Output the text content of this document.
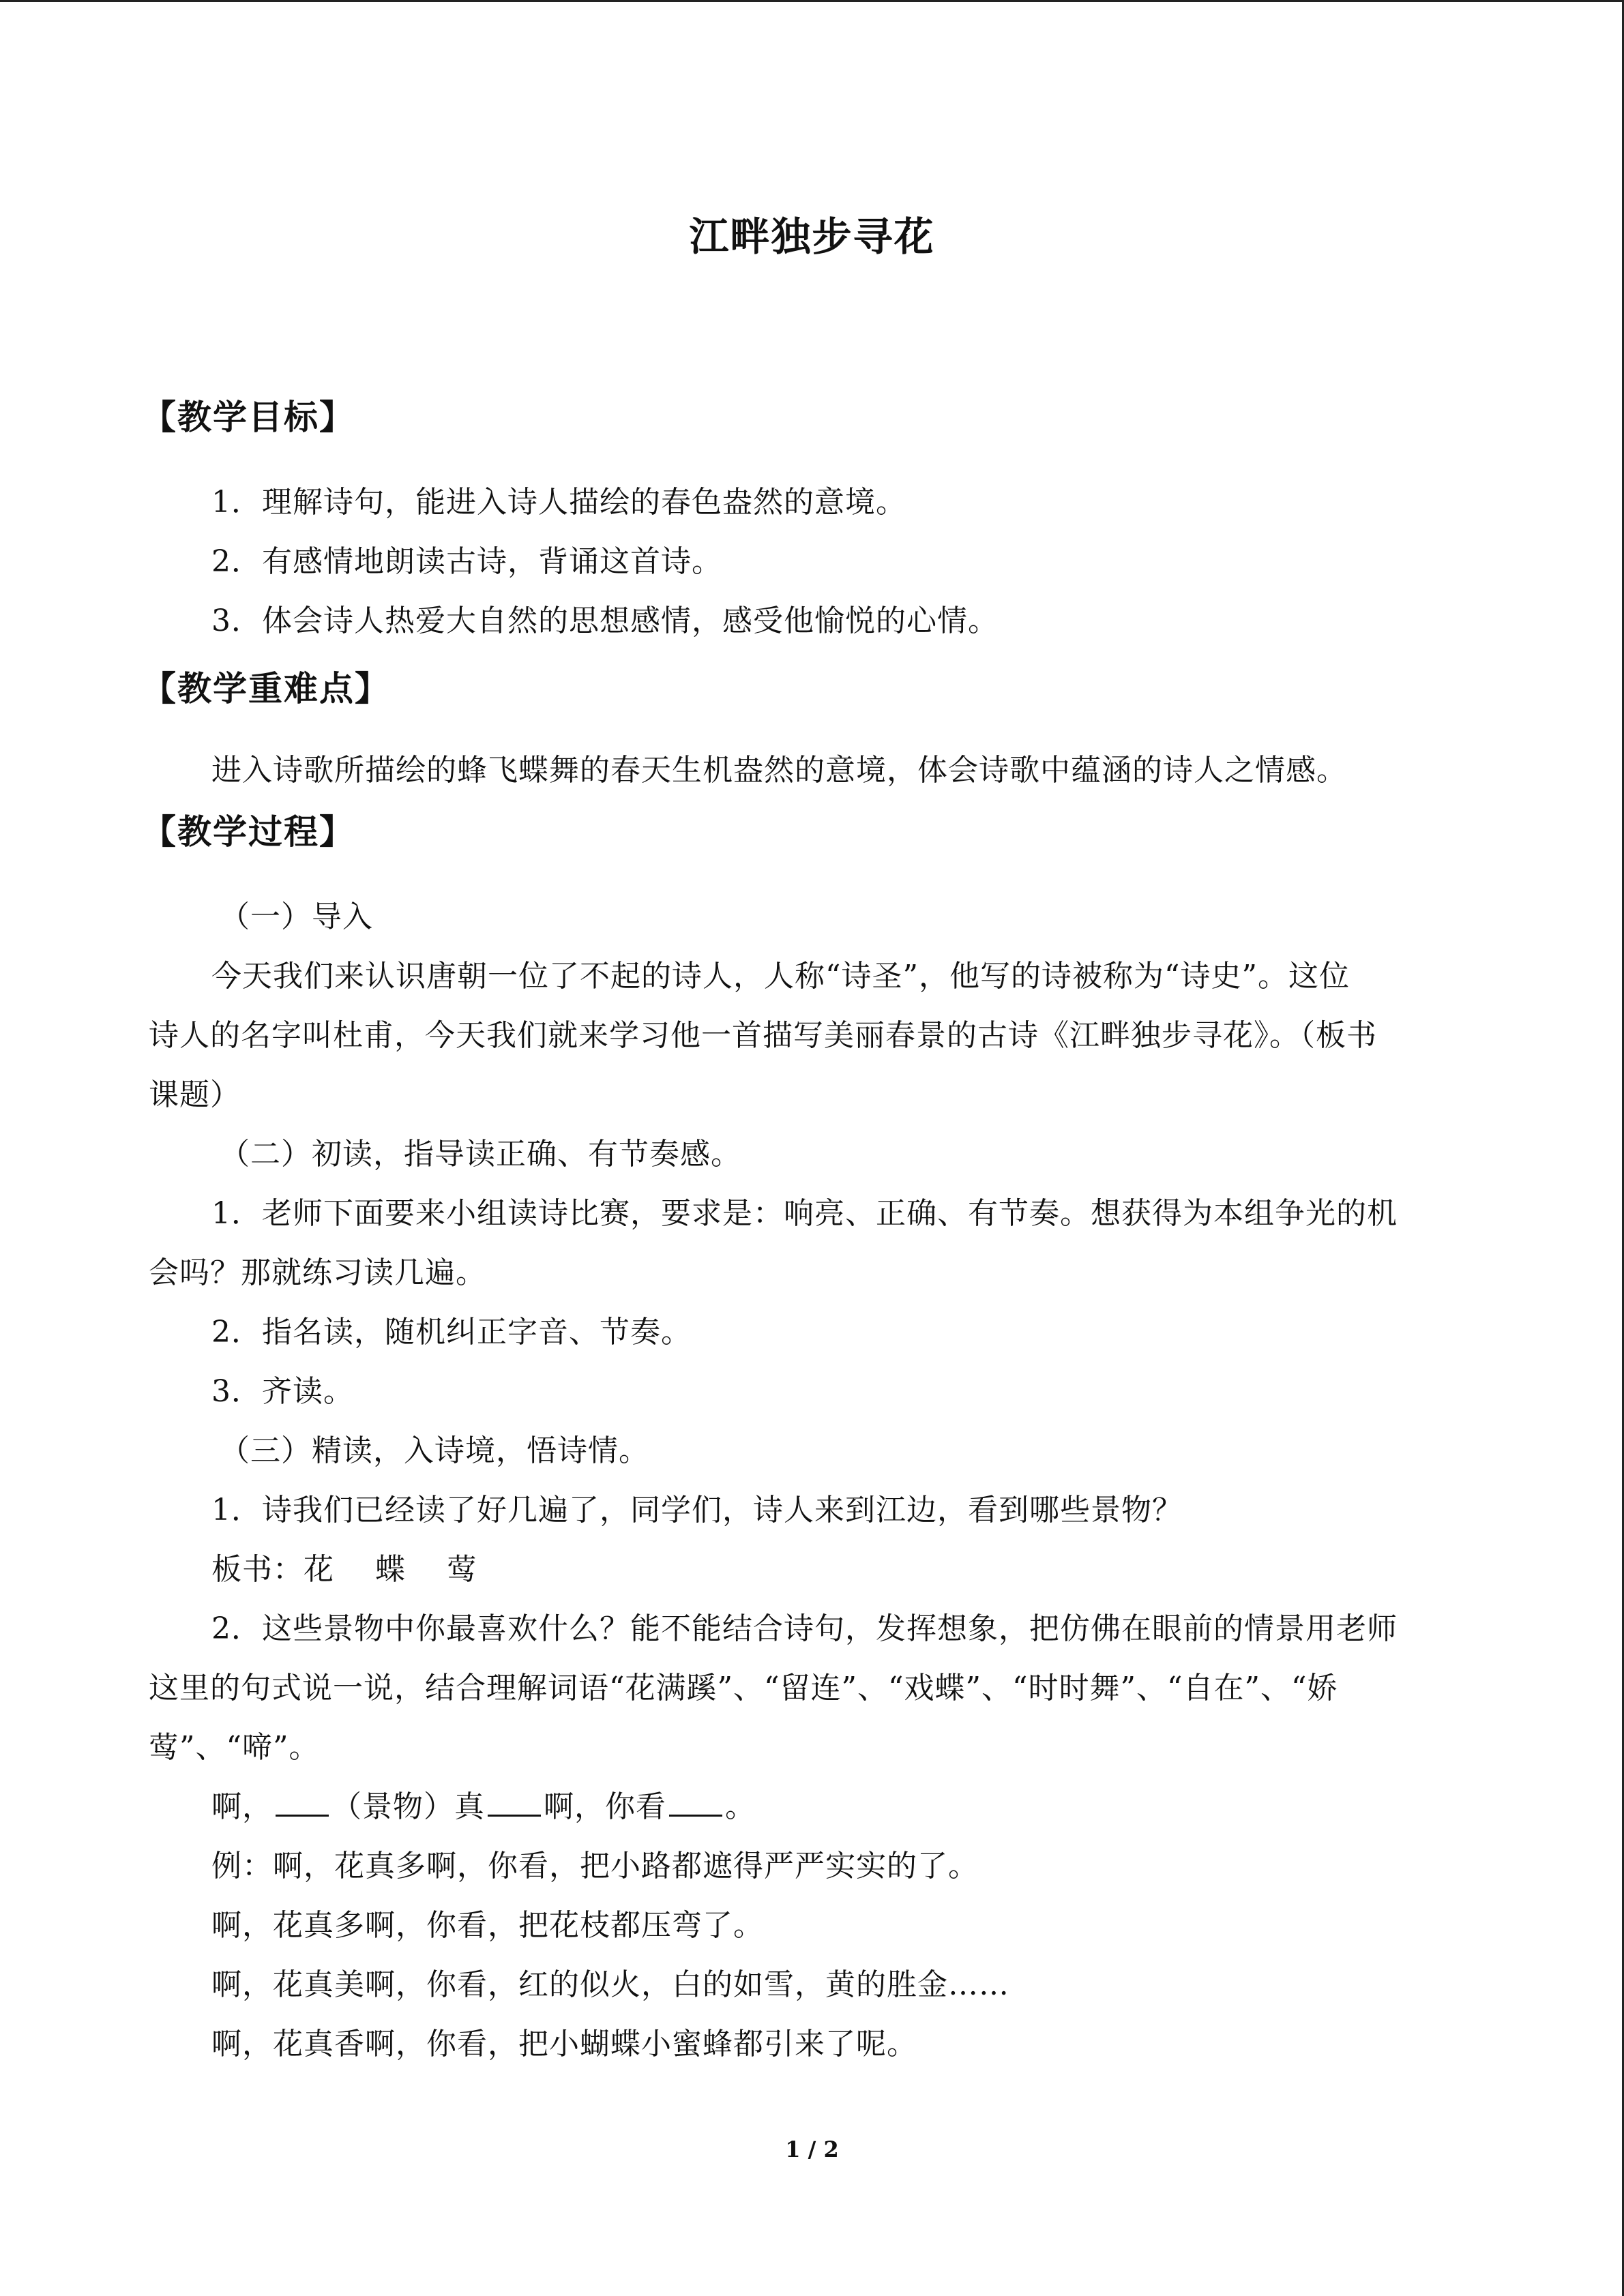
江畔独步寻花
【教学目标】
1．理解诗句，能进入诗人描绘的春色盎然的意境。
2．有感情地朗读古诗，背诵这首诗。
3．体会诗人热爱大自然的思想感情，感受他愉悦的心情。
【教学重难点】
进入诗歌所描绘的蜂飞蝶舞的春天生机盎然的意境，体会诗歌中蕴涵的诗人之情感。
【教学过程】
（一）导入
今天我们来认识唐朝一位了不起的诗人，人称“诗圣”，他写的诗被称为“诗史”。这位
诗人的名字叫杜甫，今天我们就来学习他一首描写美丽春景的古诗《江畔独步寻花》。（板书
课题）
（二）初读，指导读正确、有节奏感。
1．老师下面要来小组读诗比赛，要求是：响亮、正确、有节奏。想获得为本组争光的机
会吗？那就练习读几遍。
2．指名读，随机纠正字音、节奏。
3．齐读。
（三）精读，入诗境，悟诗情。
1．诗我们已经读了好几遍了，同学们，诗人来到江边，看到哪些景物？
板书：花 蝶 莺
2．这些景物中你最喜欢什么？能不能结合诗句，发挥想象，把仿佛在眼前的情景用老师
这里的句式说一说，结合理解词语“花满蹊”、“留连”、“戏蝶”、“时时舞”、“自在”、“娇
莺”、“啼”。
啊， （景物）真 啊，你看 。
例：啊，花真多啊，你看，把小路都遮得严严实实的了。
啊，花真多啊，你看，把花枝都压弯了。
啊，花真美啊，你看，红的似火，白的如雪，黄的胜金……
啊，花真香啊，你看，把小蝴蝶小蜜蜂都引来了呢。
1 / 2
